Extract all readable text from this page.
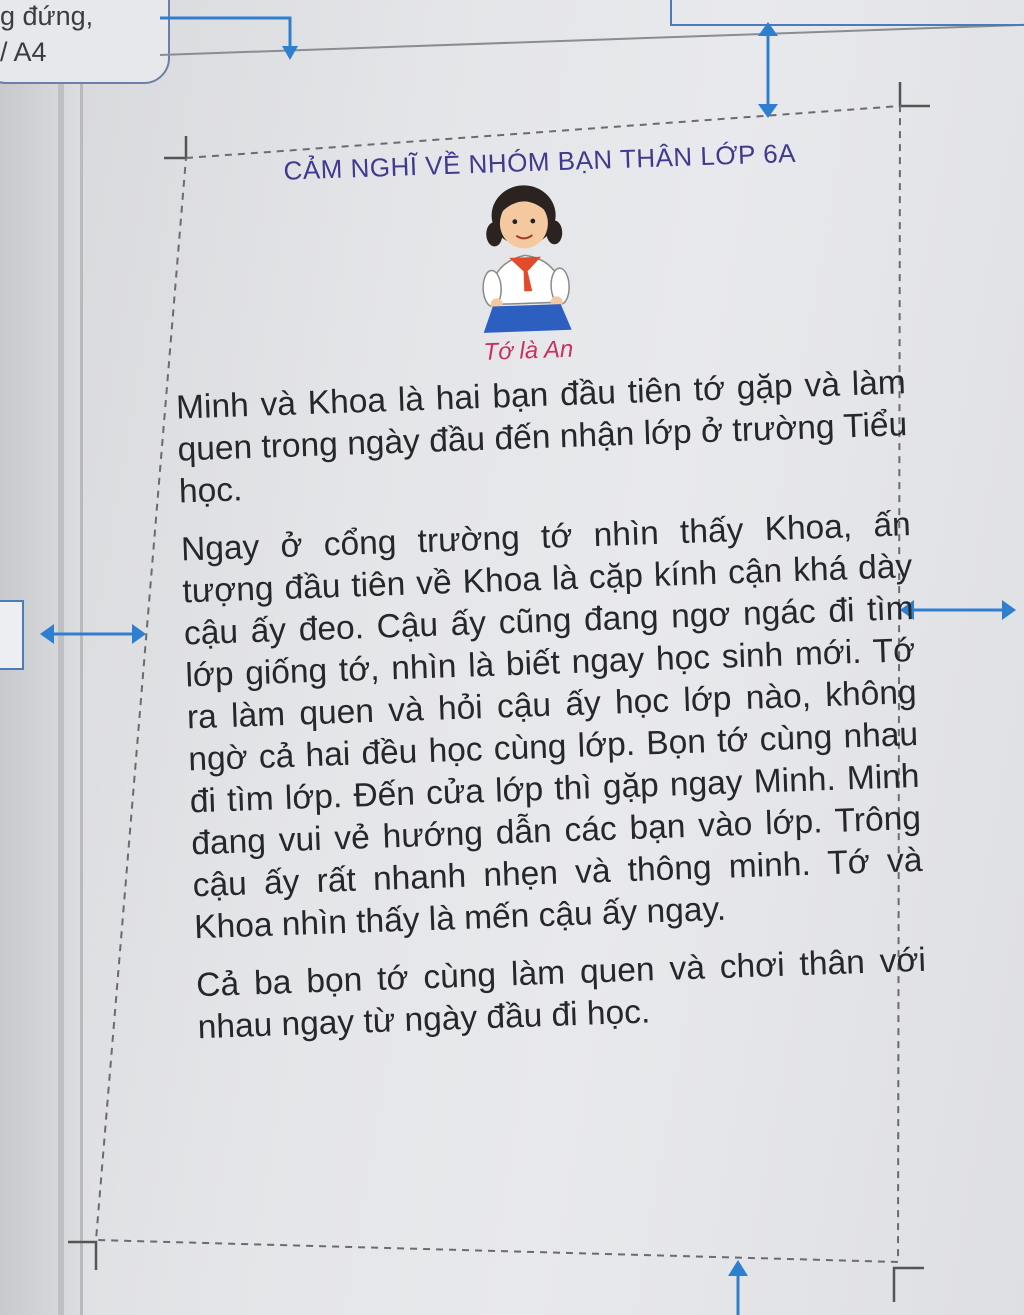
g đứng,
/ A4
CẢM NGHĨ VỀ NHÓM BẠN THÂN LỚP 6A
Tớ là An

Minh và Khoa là hai bạn đầu tiên tớ gặp và làm quen trong ngày đầu đến nhận lớp ở trường Tiểu học.

Ngay ở cổng trường tớ nhìn thấy Khoa, ấn tượng đầu tiên về Khoa là cặp kính cận khá dày cậu ấy đeo. Cậu ấy cũng đang ngơ ngác đi tìm lớp giống tớ, nhìn là biết ngay học sinh mới. Tớ ra làm quen và hỏi cậu ấy học lớp nào, không ngờ cả hai đều học cùng lớp. Bọn tớ cùng nhau đi tìm lớp. Đến cửa lớp thì gặp ngay Minh. Minh đang vui vẻ hướng dẫn các bạn vào lớp. Trông cậu ấy rất nhanh nhẹn và thông minh. Tớ và Khoa nhìn thấy là mến cậu ấy ngay.

Cả ba bọn tớ cùng làm quen và chơi thân với nhau ngay từ ngày đầu đi học.
